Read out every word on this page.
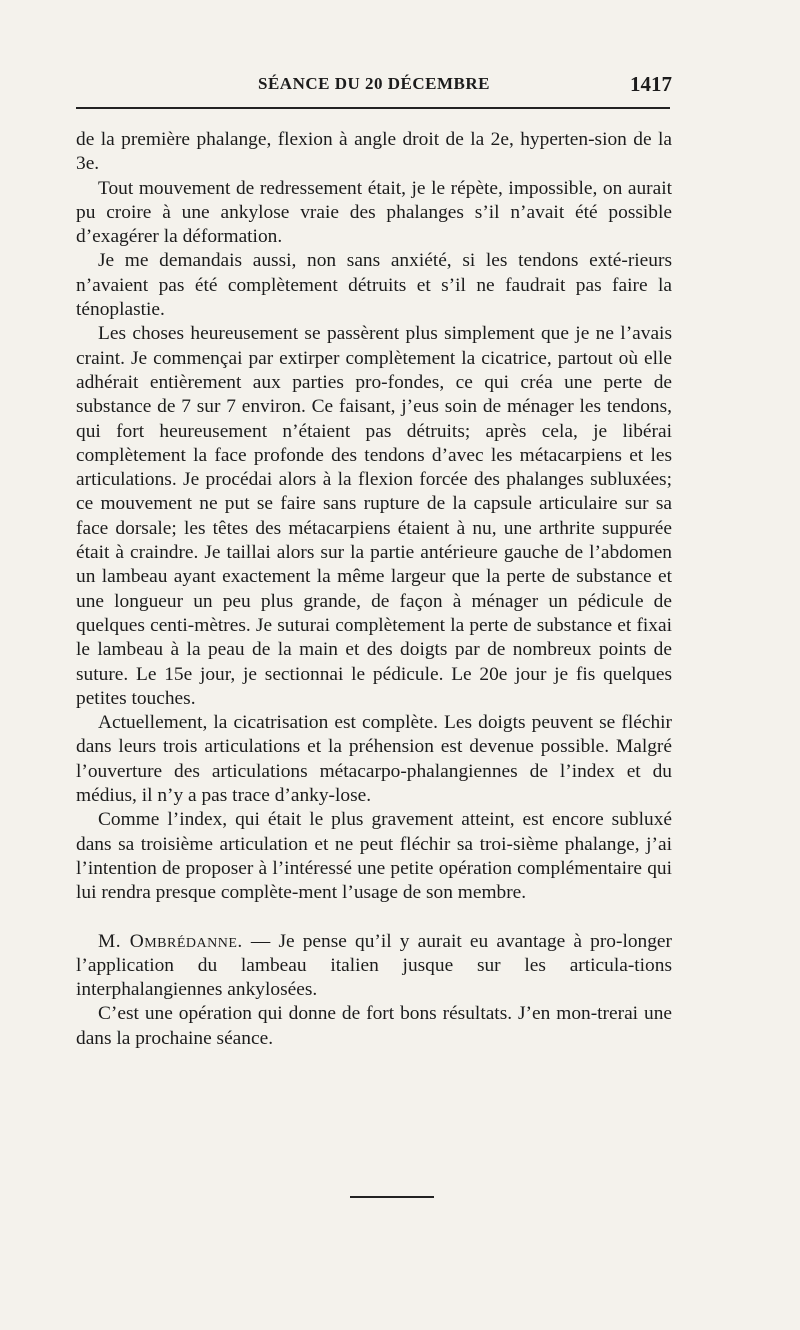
SÉANCE DU 20 DÉCEMBRE	1417

de la première phalange, flexion à angle droit de la 2e, hyperten-sion de la 3e.

Tout mouvement de redressement était, je le répète, impossible, on aurait pu croire à une ankylose vraie des phalanges s’il n’avait été possible d’exagérer la déformation.

Je me demandais aussi, non sans anxiété, si les tendons exté-rieurs n’avaient pas été complètement détruits et s’il ne faudrait pas faire la ténoplastie.

Les choses heureusement se passèrent plus simplement que je ne l’avais craint. Je commençai par extirper complètement la cicatrice, partout où elle adhérait entièrement aux parties pro-fondes, ce qui créa une perte de substance de 7 sur 7 environ. Ce faisant, j’eus soin de ménager les tendons, qui fort heureusement n’étaient pas détruits; après cela, je libérai complètement la face profonde des tendons d’avec les métacarpiens et les articulations. Je procédai alors à la flexion forcée des phalanges subluxées; ce mouvement ne put se faire sans rupture de la capsule articulaire sur sa face dorsale; les têtes des métacarpiens étaient à nu, une arthrite suppurée était à craindre. Je taillai alors sur la partie antérieure gauche de l’abdomen un lambeau ayant exactement la même largeur que la perte de substance et une longueur un peu plus grande, de façon à ménager un pédicule de quelques centi-mètres. Je suturai complètement la perte de substance et fixai le lambeau à la peau de la main et des doigts par de nombreux points de suture. Le 15e jour, je sectionnai le pédicule. Le 20e jour je fis quelques petites touches.

Actuellement, la cicatrisation est complète. Les doigts peuvent se fléchir dans leurs trois articulations et la préhension est devenue possible. Malgré l’ouverture des articulations métacarpo-phalangiennes de l’index et du médius, il n’y a pas trace d’anky-lose.

Comme l’index, qui était le plus gravement atteint, est encore subluxé dans sa troisième articulation et ne peut fléchir sa troi-sième phalange, j’ai l’intention de proposer à l’intéressé une petite opération complémentaire qui lui rendra presque complète-ment l’usage de son membre.

M. Ombrédanne. — Je pense qu’il y aurait eu avantage à pro-longer l’application du lambeau italien jusque sur les articula-tions interphalangiennes ankylosées.

C’est une opération qui donne de fort bons résultats. J’en mon-trerai une dans la prochaine séance.
